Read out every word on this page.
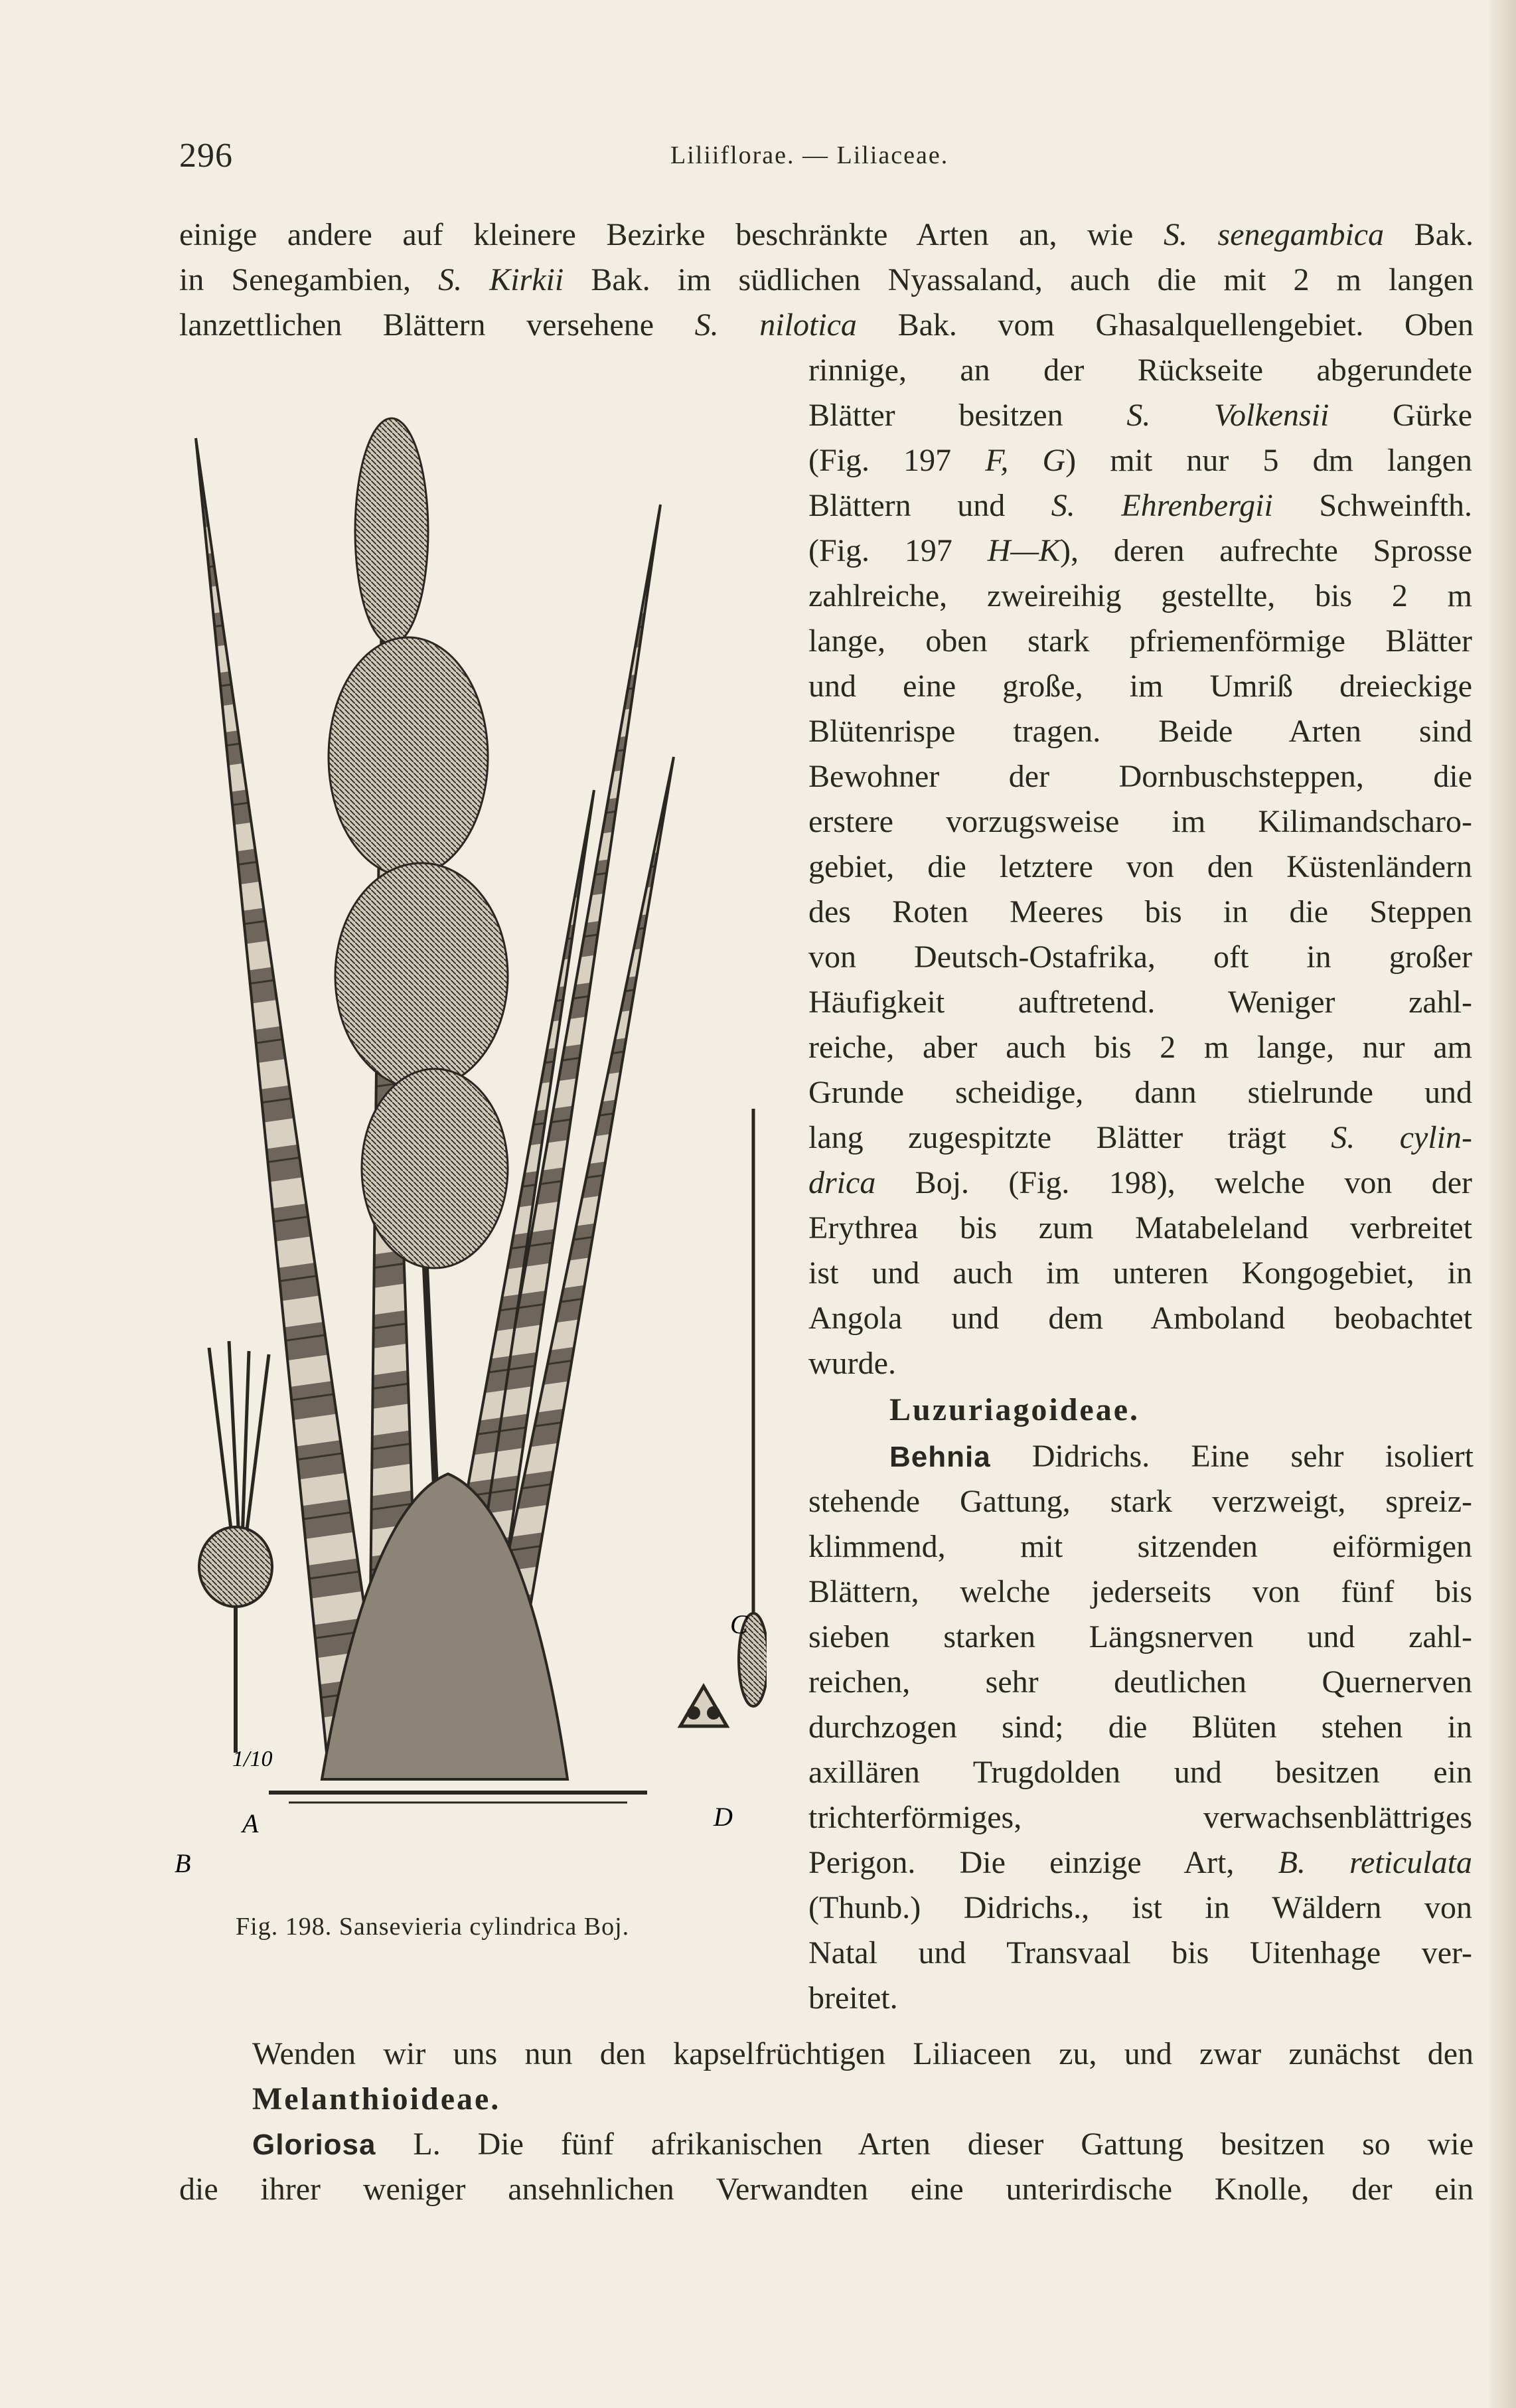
296	Liliiflorae. — Liliaceae.
einige andere auf kleinere Bezirke beschränkte Arten an, wie S. senegambica Bak.
in Senegambien, S. Kirkii Bak. im südlichen Nyassaland, auch die mit 2 m langen
lanzettlichen Blättern versehene S. nilotica Bak. vom Ghasalquellengebiet. Oben
rinnige, an der Rückseite abgerundete
Blätter besitzen S. Volkensii Gürke
(Fig. 197 F, G) mit nur 5 dm langen
Blättern und S. Ehrenbergii Schweinfth.
(Fig. 197 H—K), deren aufrechte Sprosse
zahlreiche, zweireihig gestellte, bis 2 m
lange, oben stark pfriemenförmige Blätter
und eine große, im Umriß dreieckige
Blütenrispe tragen. Beide Arten sind
Bewohner der Dornbuschsteppen, die
erstere vorzugsweise im Kilimandscharo-
gebiet, die letztere von den Küstenländern
des Roten Meeres bis in die Steppen
von Deutsch-Ostafrika, oft in großer
Häufigkeit auftretend. Weniger zahl-
reiche, aber auch bis 2 m lange, nur am
Grunde scheidige, dann stielrunde und
lang zugespitzte Blätter trägt S. cylin-
drica Boj. (Fig. 198), welche von der
Erythrea bis zum Matabeleland verbreitet
ist und auch im unteren Kongogebiet, in
Angola und dem Amboland beobachtet
wurde.
Luzuriagoideae.
Behnia Didrichs. Eine sehr isoliert
stehende Gattung, stark verzweigt, spreiz-
klimmend, mit sitzenden eiförmigen
Blättern, welche jederseits von fünf bis
sieben starken Längsnerven und zahl-
reichen, sehr deutlichen Quernerven
durchzogen sind; die Blüten stehen in
axillären Trugdolden und besitzen ein
trichterförmiges, verwachsenblättriges
Perigon. Die einzige Art, B. reticulata
(Thunb.) Didrichs., ist in Wäldern von
Natal und Transvaal bis Uitenhage ver-
breitet.
Wenden wir uns nun den kapselfrüchtigen Liliaceen zu, und zwar zunächst den
Melanthioideae.
Gloriosa L. Die fünf afrikanischen Arten dieser Gattung besitzen so wie
die ihrer weniger ansehnlichen Verwandten eine unterirdische Knolle, der ein
A
B
C
D
1/10
Fig. 198. Sansevieria cylindrica Boj.
